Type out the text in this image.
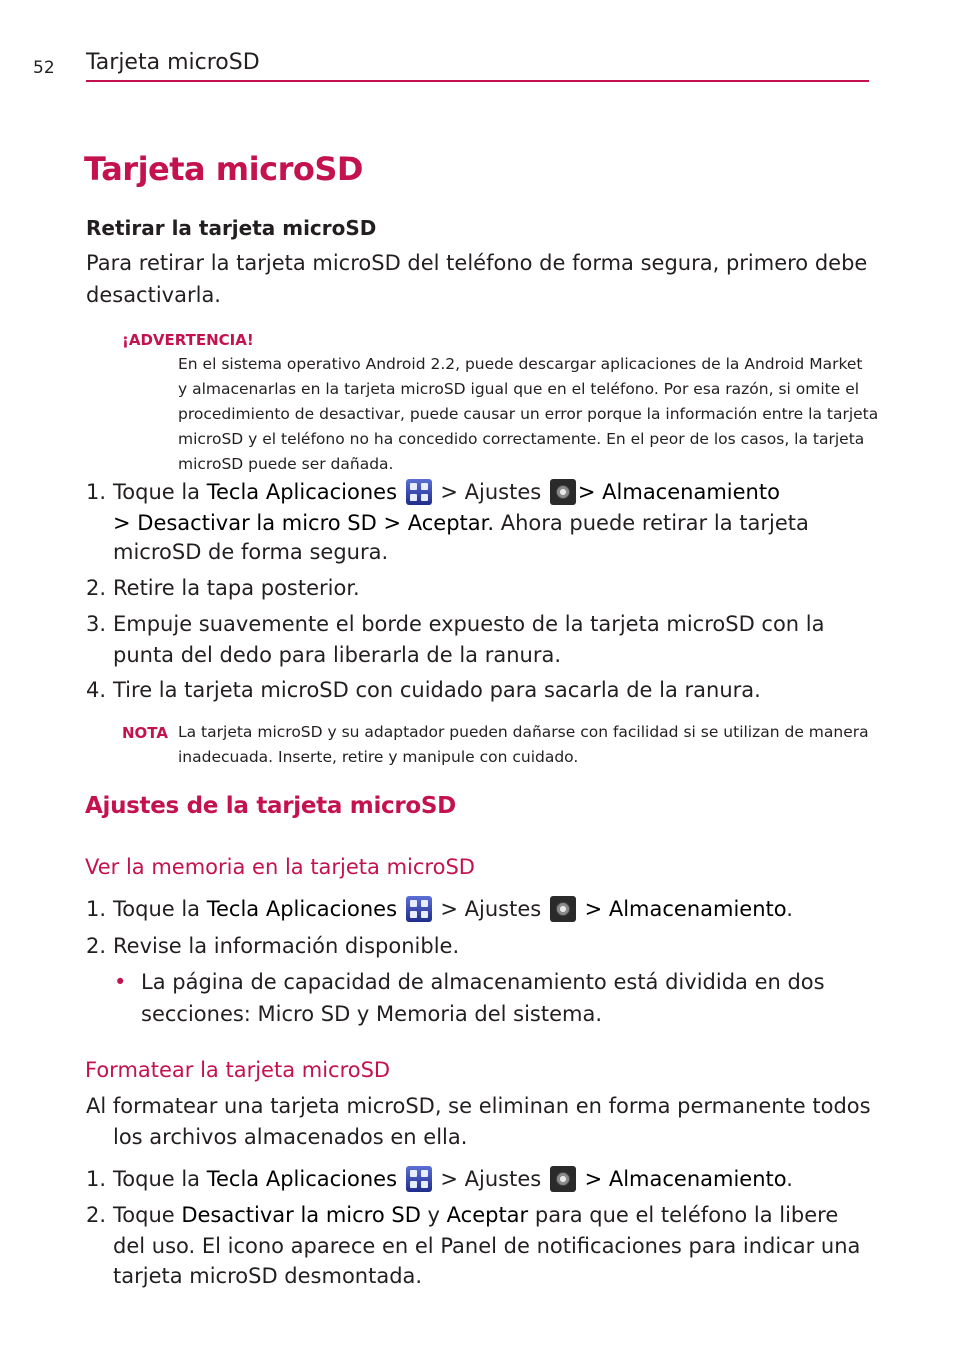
52 Tarjeta microSD
Tarjeta microSD
Retirar la tarjeta microSD
Para retirar la tarjeta microSD del teléfono de forma segura, primero debe
desactivarla.
¡ADVERTENCIA!
En el sistema operativo Android 2.2, puede descargar aplicaciones de la Android Market
y almacenarlas en la tarjeta microSD igual que en el teléfono. Por esa razón, si omite el
procedimiento de desactivar, puede causar un error porque la información entre la tarjeta
microSD y el teléfono no ha concedido correctamente. En el peor de los casos, la tarjeta
microSD puede ser dañada.
1. Toque la Tecla Aplicaciones
> Ajustes > Almacenamiento
> Desactivar la micro SD > Aceptar. Ahora puede retirar la tarjeta
microSD de forma segura.
2. Retire la tapa posterior.
3. Empuje suavemente el borde expuesto de la tarjeta microSD con la
punta del dedo para liberarla de la ranura.
4. Tire la tarjeta microSD con cuidado para sacarla de la ranura.
NOTA La tarjeta microSD y su adaptador pueden dañarse con facilidad si se utilizan de manera
inadecuada. Inserte, retire y manipule con cuidado.
Ajustes de la tarjeta microSD
Ver la memoria en la tarjeta microSD
1. Toque la Tecla Aplicaciones
> Ajustes  > Almacenamiento.
2. Revise la información disponible.
• La página de capacidad de almacenamiento está dividida en dos
secciones: Micro SD y Memoria del sistema.
Formatear la tarjeta microSD
Al formatear una tarjeta microSD, se eliminan en forma permanente todos
los archivos almacenados en ella.
1. Toque la Tecla Aplicaciones
> Ajustes  > Almacenamiento.
2. Toque Desactivar la micro SD y Aceptar para que el teléfono la libere
del uso. El icono aparece en el Panel de notificaciones para indicar una
tarjeta microSD desmontada.
